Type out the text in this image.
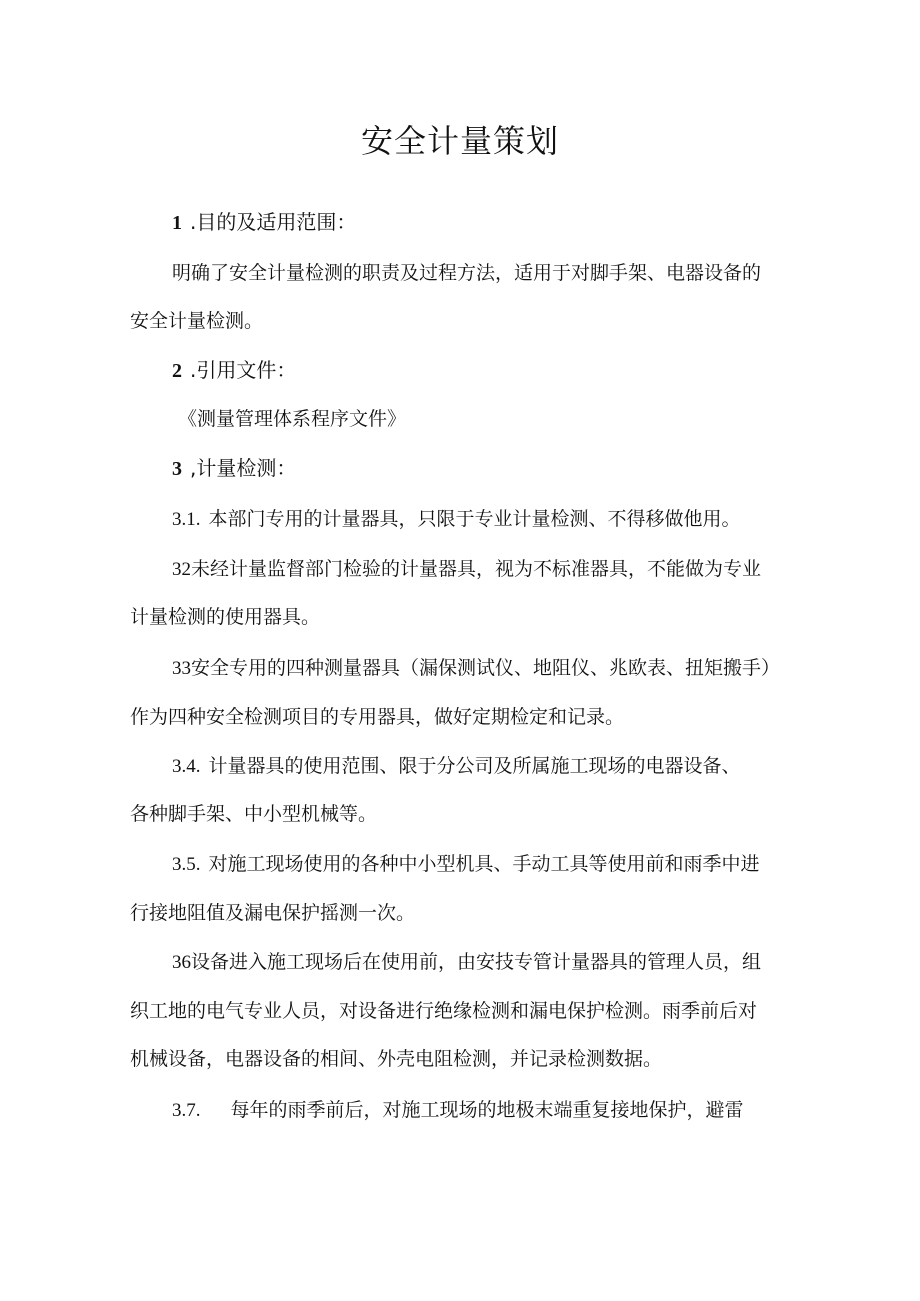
安全计量策划
1 .目的及适用范围：
明确了安全计量检测的职责及过程方法，适用于对脚手架、电器设备的
安全计量检测。
2 .引用文件：
《测量管理体系程序文件》
3 ,计量检测：
3.1. 本部门专用的计量器具，只限于专业计量检测、不得移做他用。
32未经计量监督部门检验的计量器具，视为不标准器具，不能做为专业
计量检测的使用器具。
33安全专用的四种测量器具（漏保测试仪、地阻仪、兆欧表、扭矩搬手）
作为四种安全检测项目的专用器具，做好定期检定和记录。
3.4. 计量器具的使用范围、限于分公司及所属施工现场的电器设备、
各种脚手架、中小型机械等。
3.5. 对施工现场使用的各种中小型机具、手动工具等使用前和雨季中进
行接地阻值及漏电保护摇测一次。
36设备进入施工现场后在使用前，由安技专管计量器具的管理人员，组
织工地的电气专业人员，对设备进行绝缘检测和漏电保护检测。雨季前后对
机械设备，电器设备的相间、外壳电阻检测，并记录检测数据。
3.7. 每年的雨季前后，对施工现场的地极末端重复接地保护，避雷
